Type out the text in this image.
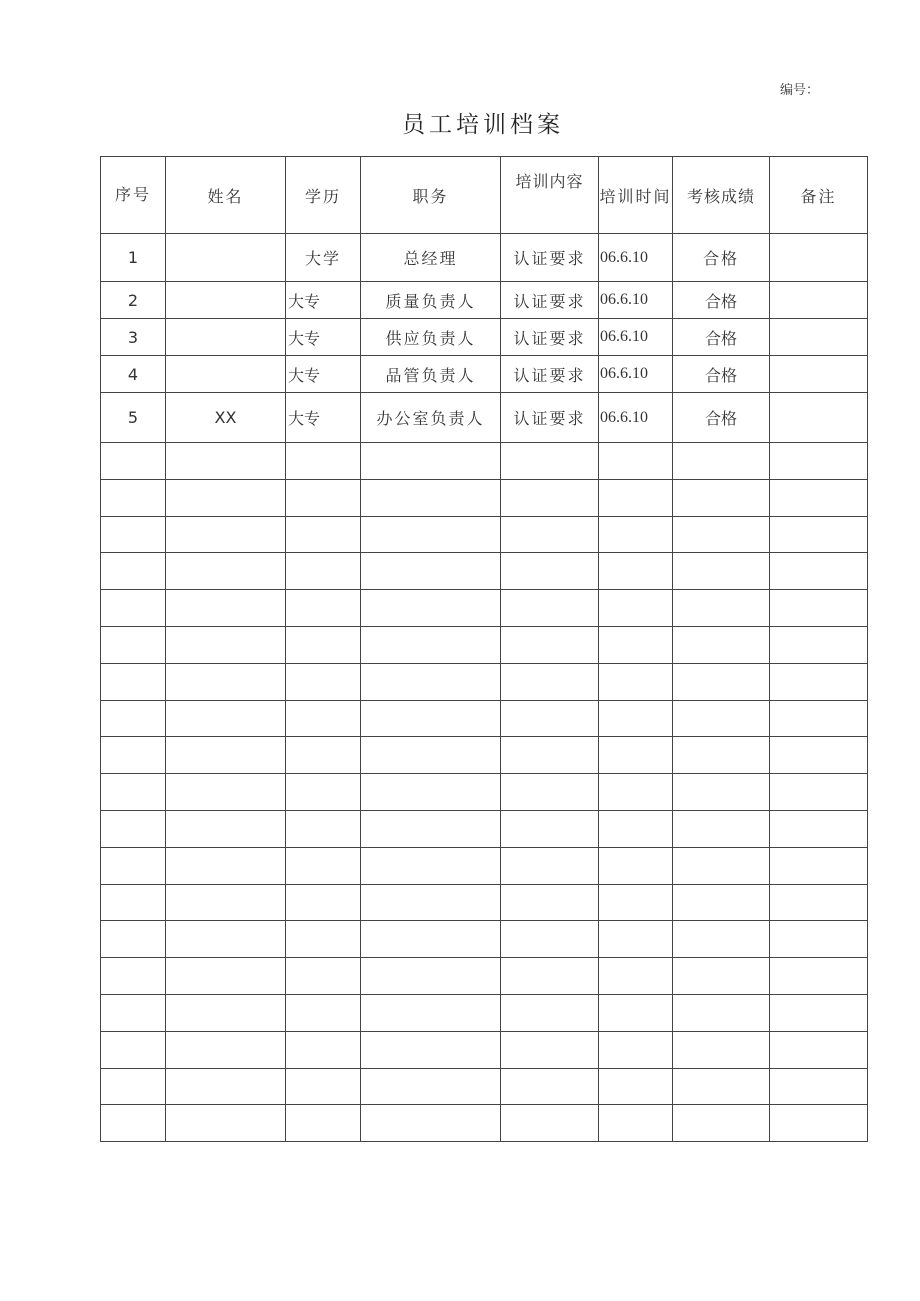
编号：
员工培训档案
序号	姓名	学历	职务	培训内容	培训时间	考核成绩	备注
1		大学	总经理	认证要求	06.6.10	合格	
2		大专	质量负责人	认证要求	06.6.10	合格	
3		大专	供应负责人	认证要求	06.6.10	合格	
4		大专	品管负责人	认证要求	06.6.10	合格	
5	XX	大专	办公室负责人	认证要求	06.6.10	合格	
